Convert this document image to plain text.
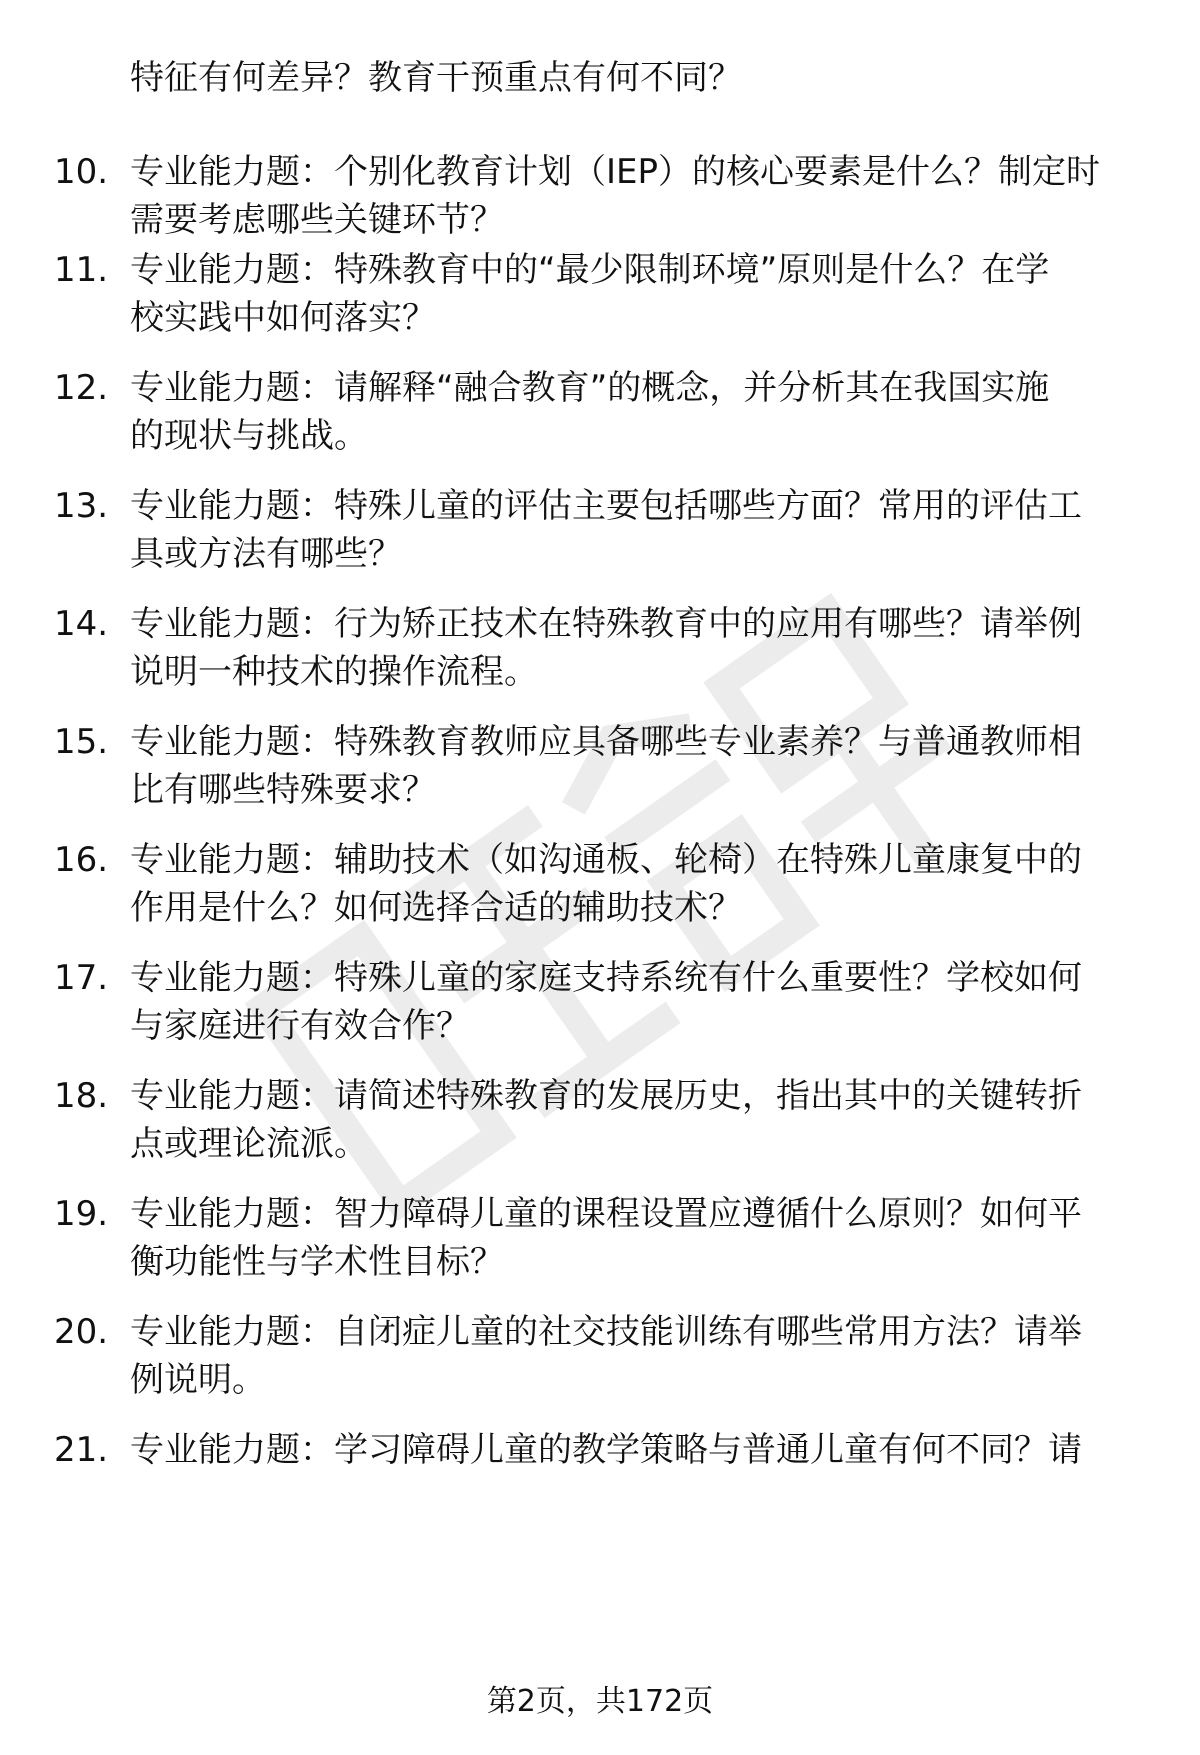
特征有何差异？教育干预重点有何不同？
10. 专业能力题：个别化教育计划（IEP）的核心要素是什么？制定时
需要考虑哪些关键环节？
11. 专业能力题：特殊教育中的“最少限制环境”原则是什么？在学
校实践中如何落实？
12. 专业能力题：请解释“融合教育”的概念，并分析其在我国实施
的现状与挑战。
13. 专业能力题：特殊儿童的评估主要包括哪些方面？常用的评估工
具或方法有哪些？
14. 专业能力题：行为矫正技术在特殊教育中的应用有哪些？请举例
说明一种技术的操作流程。
15. 专业能力题：特殊教育教师应具备哪些专业素养？与普通教师相
比有哪些特殊要求？
16. 专业能力题：辅助技术（如沟通板、轮椅）在特殊儿童康复中的
作用是什么？如何选择合适的辅助技术？
17. 专业能力题：特殊儿童的家庭支持系统有什么重要性？学校如何
与家庭进行有效合作？
18. 专业能力题：请简述特殊教育的发展历史，指出其中的关键转折
点或理论流派。
19. 专业能力题：智力障碍儿童的课程设置应遵循什么原则？如何平
衡功能性与学术性目标？
20. 专业能力题：自闭症儿童的社交技能训练有哪些常用方法？请举
例说明。
21. 专业能力题：学习障碍儿童的教学策略与普通儿童有何不同？请
第2页，共172页
